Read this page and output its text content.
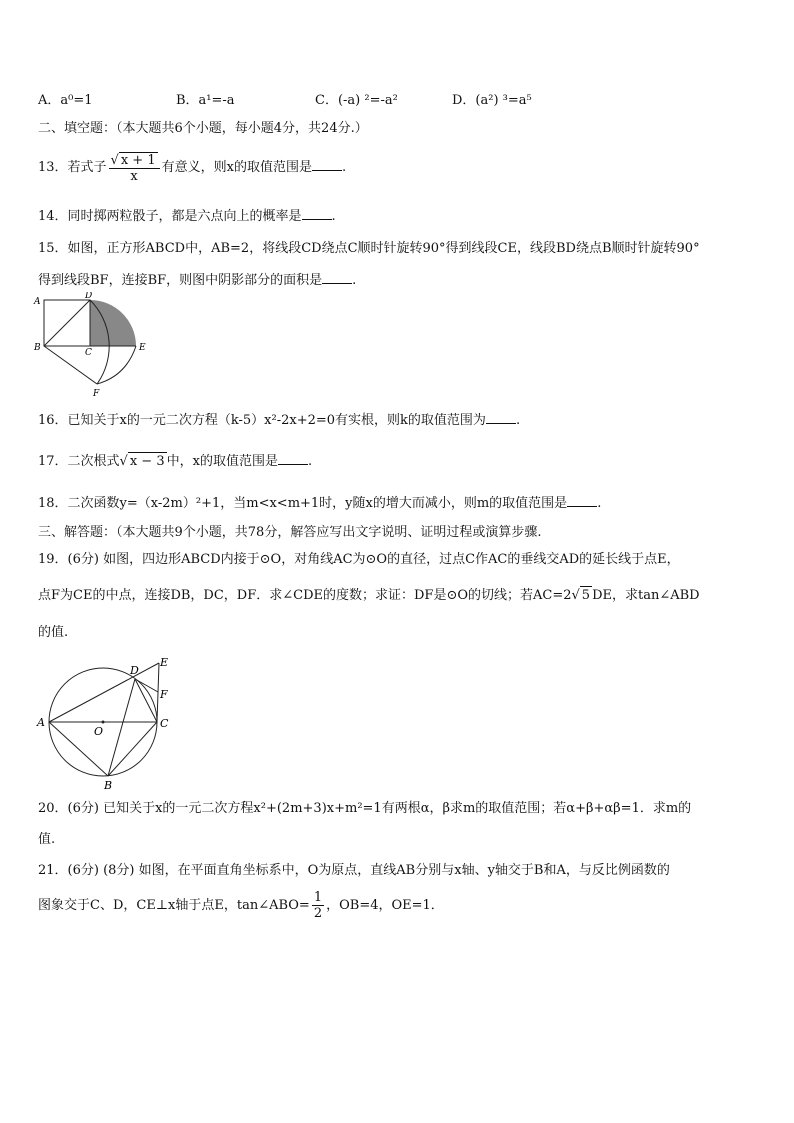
A．a⁰=1	B．a¹=-a	C．(-a) ²=-a²	D．(a²) ³=a⁵
二、填空题：（本大题共6个小题，每小题4分，共24分.）
13．若式子 $\frac{√ x + 1}{x}$ 有意义，则x的取值范围是 .
14．同时掷两粒骰子，都是六点向上的概率是 .
15．如图，正方形ABCD中，AB=2，将线段CD绕点C顺时针旋转90°得到线段CE，线段BD绕点B顺时针旋转90°
得到线段BF，连接BF，则图中阴影部分的面积是 .
A
D
B	C	E
F
16．已知关于x的一元二次方程（k-5）x²-2x+2=0有实根，则k的取值范围为 .
17．二次根式√ x − 3 中，x的取值范围是 .
18．二次函数y=（x-2m）²+1，当m<x<m+1时，y随x的增大而减小，则m的取值范围是 .
三、解答题：（本大题共9个小题，共78分，解答应写出文字说明、证明过程或演算步骤.
19．(6分) 如图，四边形ABCD内接于⊙O，对角线AC为⊙O的直径，过点C作AC的垂线交AD的延长线于点E，
点F为CE的中点，连接DB，DC，DF．求∠CDE的度数；求证：DF是⊙O的切线；若AC=2√ 5 DE，求tan∠ABD
的值.
A
D
E
F
C
O
B
20．(6分) 已知关于x的一元二次方程x²+(2m+3)x+m²=1有两根α，β求m的取值范围；若α+β+αβ=1．求m的
值.
21．(6分) (8分) 如图，在平面直角坐标系中，O为原点，直线AB分别与x轴、y轴交于B和A，与反比例函数的
图象交于C、D，CE⊥x轴于点E，tan∠ABO= $\frac{1}{2}$ ，OB=4，OE=1．
